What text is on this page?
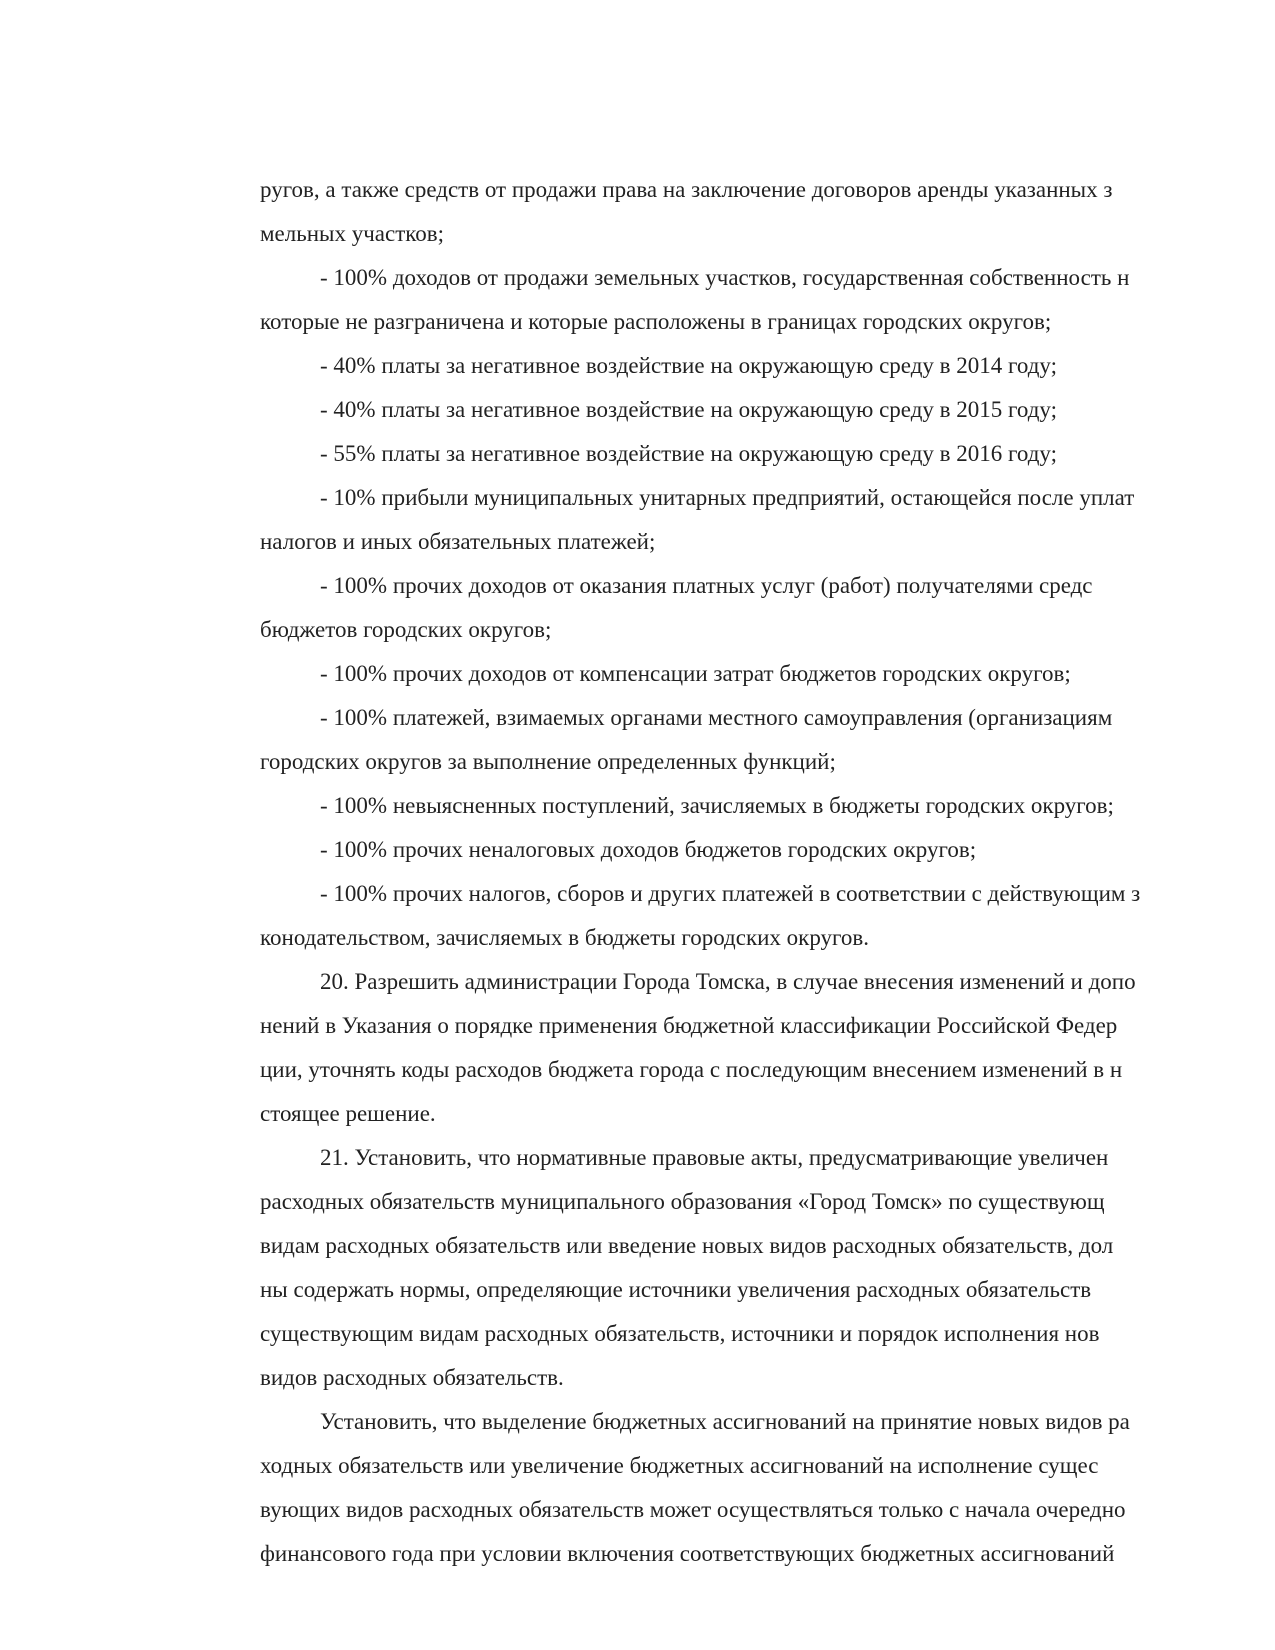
ругов, а также средств от продажи права на заключение договоров аренды указанных з
мельных участков;
- 100% доходов от продажи земельных участков, государственная собственность н
которые не разграничена и которые расположены в границах городских округов;
- 40% платы за негативное воздействие на окружающую среду в 2014 году;
- 40% платы за негативное воздействие на окружающую среду в 2015 году;
- 55% платы за негативное воздействие на окружающую среду в 2016 году;
- 10% прибыли муниципальных унитарных предприятий, остающейся после уплат
налогов и иных обязательных платежей;
- 100% прочих доходов от оказания платных услуг (работ) получателями средс
бюджетов городских округов;
- 100% прочих доходов от компенсации затрат бюджетов городских округов;
- 100% платежей, взимаемых органами местного самоуправления (организациям
городских округов за выполнение определенных функций;
- 100% невыясненных поступлений, зачисляемых в бюджеты городских округов;
- 100% прочих неналоговых доходов бюджетов городских округов;
- 100% прочих налогов, сборов и других платежей в соответствии с действующим з
конодательством, зачисляемых в бюджеты городских округов.
20. Разрешить администрации Города Томска, в случае внесения изменений и допо
нений в Указания о порядке применения бюджетной классификации Российской Федер
ции, уточнять коды расходов бюджета города с последующим внесением изменений в н
стоящее решение.
21. Установить, что нормативные правовые акты, предусматривающие увеличен
расходных обязательств муниципального образования «Город Томск» по существующ
видам расходных обязательств или введение новых видов расходных обязательств, дол
ны содержать нормы, определяющие источники увеличения расходных обязательств
существующим видам расходных обязательств, источники и порядок исполнения нов
видов расходных обязательств.
Установить, что выделение бюджетных ассигнований на принятие новых видов ра
ходных обязательств или увеличение бюджетных ассигнований на исполнение сущес
вующих видов расходных обязательств может осуществляться только с начала очередно
финансового года при условии включения соответствующих бюджетных ассигнований
